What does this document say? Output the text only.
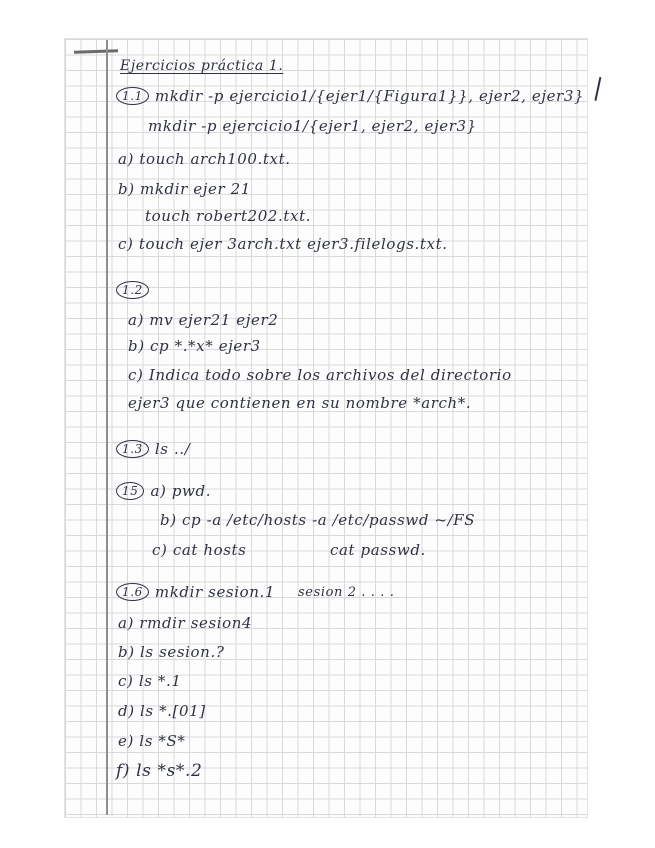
Ejercicios práctica 1.
1.1 mkdir -p ejercicio1/{ejer1/{Figura1}}, ejer2, ejer3}
mkdir -p ejercicio1/{ejer1, ejer2, ejer3}
a) touch arch100.txt.
b) mkdir ejer 21
touch robert202.txt.
c) touch ejer 3arch.txt ejer3.filelogs.txt.
1.2
a) mv ejer21 ejer2
b) cp *.*x* ejer3
c) Indica todo sobre los archivos del directorio
ejer3 que contienen en su nombre *arch*.
1.3 ls ../
15 a) pwd.
b) cp -a /etc/hosts -a /etc/passwd ~/FS
c) cat hosts	cat passwd.
1.6 mkdir sesion.1 sesion 2 . . . .
a) rmdir sesion4
b) ls sesion.?
c) ls *.1
d) ls *.[01]
e) ls *S*
f) ls *s*.2
